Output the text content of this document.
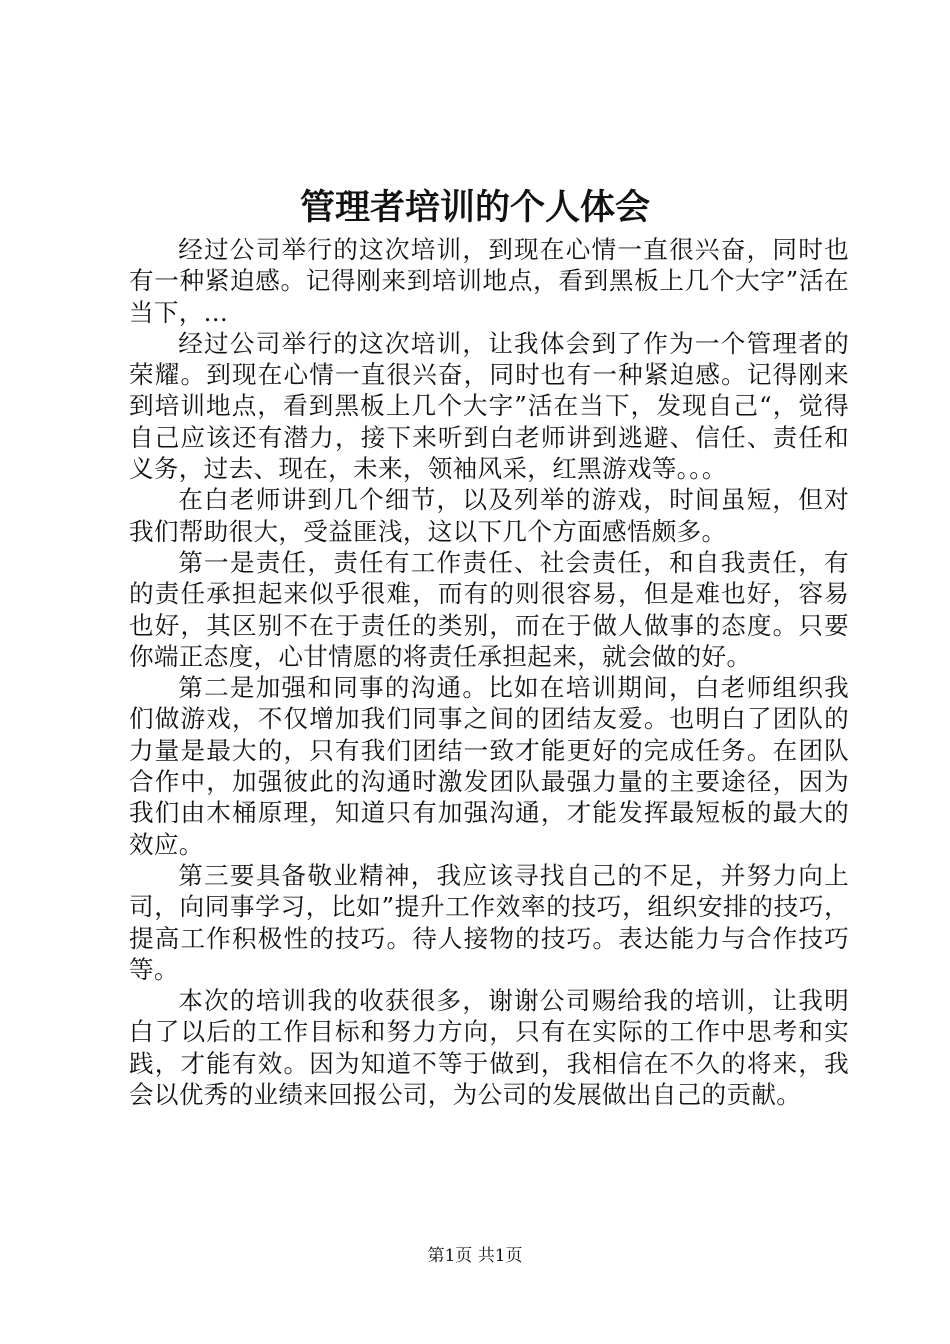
管理者培训的个人体会

经过公司举行的这次培训，到现在心情一直很兴奋，同时也有一种紧迫感。记得刚来到培训地点，看到黑板上几个大字”活在当下，...

经过公司举行的这次培训，让我体会到了作为一个管理者的荣耀。到现在心情一直很兴奋，同时也有一种紧迫感。记得刚来到培训地点，看到黑板上几个大字”活在当下，发现自己“，觉得自己应该还有潜力，接下来听到白老师讲到逃避、信任、责任和义务，过去、现在，未来，领袖风采，红黑游戏等。。。

在白老师讲到几个细节，以及列举的游戏，时间虽短，但对我们帮助很大，受益匪浅，这以下几个方面感悟颇多。

第一是责任，责任有工作责任、社会责任，和自我责任，有的责任承担起来似乎很难，而有的则很容易，但是难也好，容易也好，其区别不在于责任的类别，而在于做人做事的态度。只要你端正态度，心甘情愿的将责任承担起来，就会做的好。

第二是加强和同事的沟通。比如在培训期间，白老师组织我们做游戏，不仅增加我们同事之间的团结友爱。也明白了团队的力量是最大的，只有我们团结一致才能更好的完成任务。在团队合作中，加强彼此的沟通时激发团队最强力量的主要途径，因为我们由木桶原理，知道只有加强沟通，才能发挥最短板的最大的效应。

第三要具备敬业精神，我应该寻找自己的不足，并努力向上司，向同事学习，比如”提升工作效率的技巧，组织安排的技巧，提高工作积极性的技巧。待人接物的技巧。表达能力与合作技巧等。

本次的培训我的收获很多，谢谢公司赐给我的培训，让我明白了以后的工作目标和努力方向，只有在实际的工作中思考和实践，才能有效。因为知道不等于做到，我相信在不久的将来，我会以优秀的业绩来回报公司，为公司的发展做出自己的贡献。

第1页 共1页
